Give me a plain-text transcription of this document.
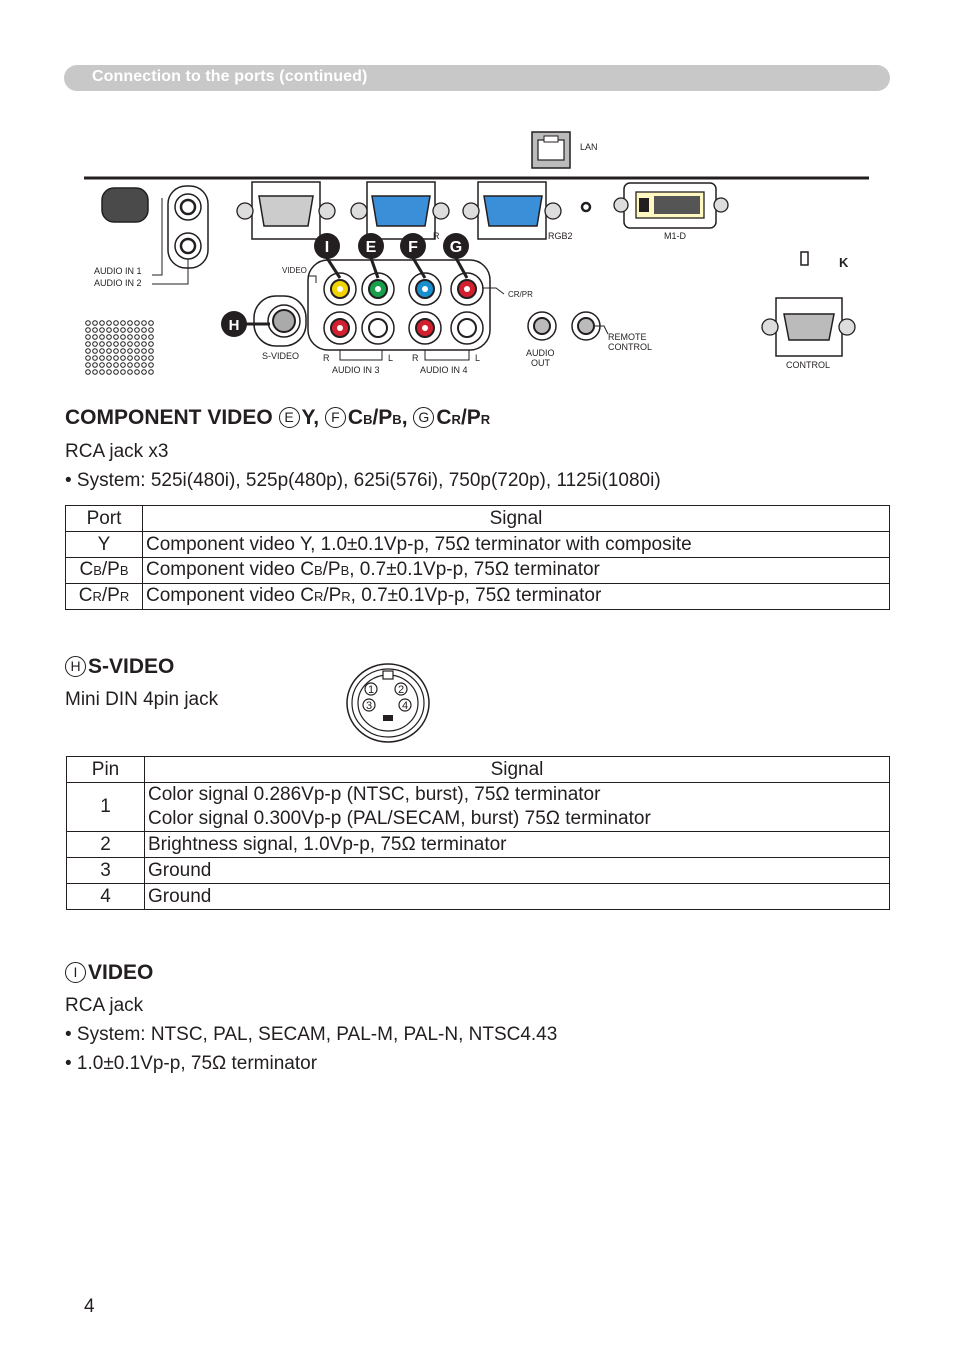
Connection to the ports (continued)
LAN
AUDIO IN 1
AUDIO IN 2
R	RGB2	M1-D
K
VIDEO
CR/PR
R	L R	L
AUDIO IN 3	AUDIO IN 4
I E F G
H
S-VIDEO	AUDIO
OUT
REMOTE
CONTROL
CONTROL
COMPONENT VIDEO E Y, F CB/PB, G CR/PR
RCA jack x3
• System: 525i(480i), 525p(480p), 625i(576i), 750p(720p), 1125i(1080i)
Port	Signal
Y	Component video Y, 1.0±0.1Vp-p, 75Ω terminator with composite
CB/PB	Component video CB/PB, 0.7±0.1Vp-p, 75Ω terminator
CR/PR	Component video CR/PR, 0.7±0.1Vp-p, 75Ω terminator
H S-VIDEO
Mini DIN 4pin jack	1 2
3	4
Pin	Signal
1	Color signal 0.286Vp-p (NTSC, burst), 75Ω terminator
Color signal 0.300Vp-p (PAL/SECAM, burst) 75Ω terminator

2	Brightness signal, 1.0Vp-p, 75Ω terminator
3	Ground
4	Ground
I VIDEO
RCA jack
• System: NTSC, PAL, SECAM, PAL-M, PAL-N, NTSC4.43
• 1.0±0.1Vp-p, 75Ω terminator
4
